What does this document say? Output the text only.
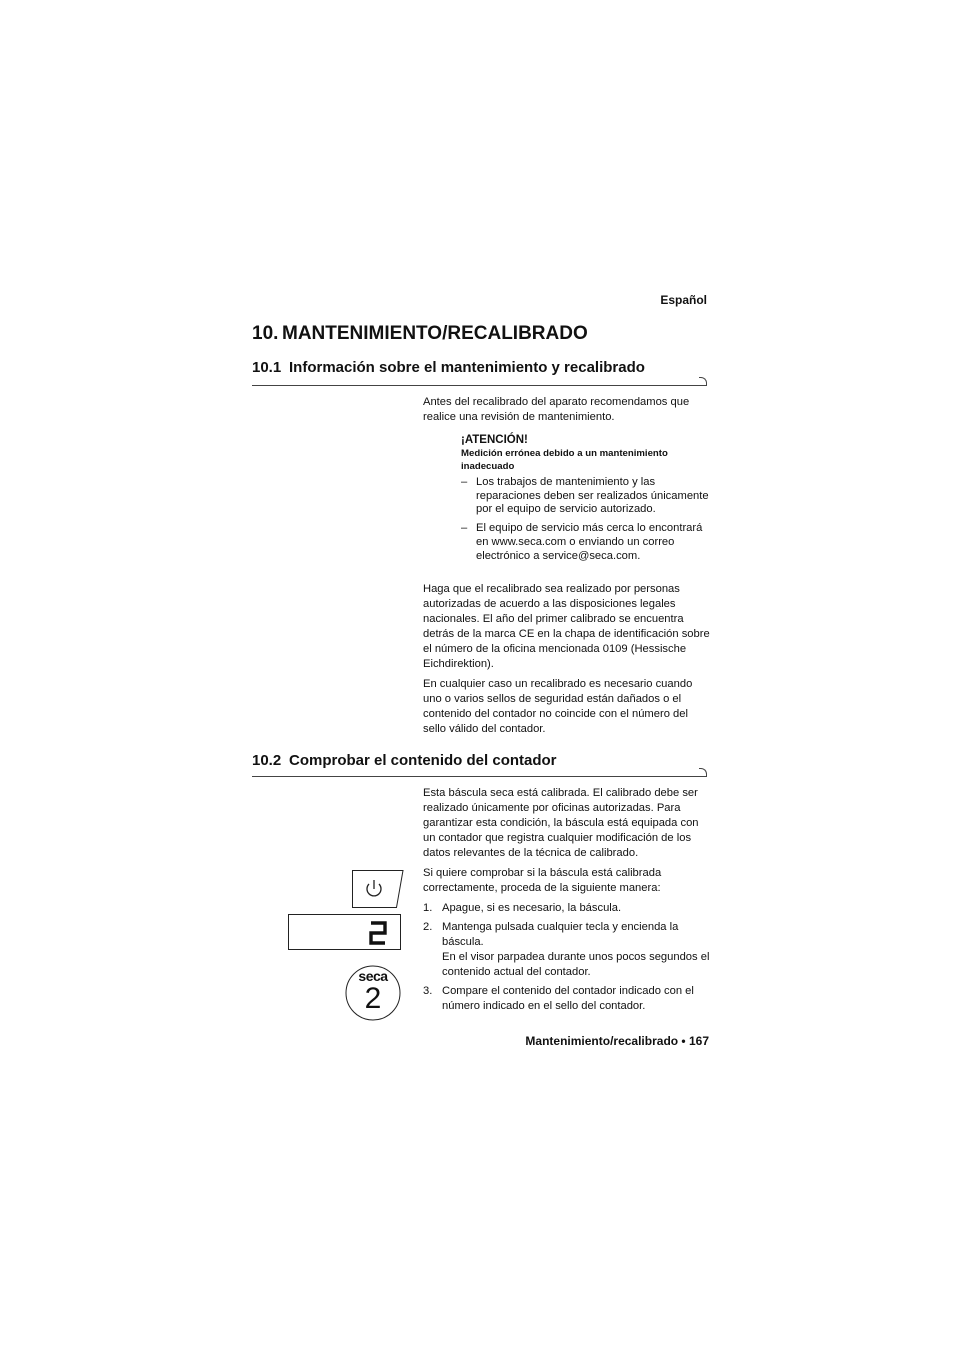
Español
10. MANTENIMIENTO/RECALIBRADO
10.1 Información sobre el mantenimiento y recalibrado
Antes del recalibrado del aparato recomendamos que realice una revisión de mantenimiento.
¡ATENCIÓN!
Medición errónea debido a un mantenimiento inadecuado
– Los trabajos de mantenimiento y las reparaciones deben ser realizados únicamente por el equipo de servicio autorizado.
– El equipo de servicio más cerca lo encontrará en www.seca.com o enviando un correo electrónico a service@seca.com.
Haga que el recalibrado sea realizado por personas autorizadas de acuerdo a las disposiciones legales nacionales. El año del primer calibrado se encuentra detrás de la marca CE en la chapa de identificación sobre el número de la oficina mencionada 0109 (Hessische Eichdirektion).
En cualquier caso un recalibrado es necesario cuando uno o varios sellos de seguridad están dañados o el contenido del contador no coincide con el número del sello válido del contador.
10.2 Comprobar el contenido del contador
Esta báscula seca está calibrada. El calibrado debe ser realizado únicamente por oficinas autorizadas. Para garantizar esta condición, la báscula está equipada con un contador que registra cualquier modificación de los datos relevantes de la técnica de calibrado.
Si quiere comprobar si la báscula está calibrada correctamente, proceda de la siguiente manera:
1. Apague, si es necesario, la báscula.
2. Mantenga pulsada cualquier tecla y encienda la báscula.
En el visor parpadea durante unos pocos segundos el contenido actual del contador.
3. Compare el contenido del contador indicado con el número indicado en el sello del contador.
seca
2
Mantenimiento/recalibrado • 167
